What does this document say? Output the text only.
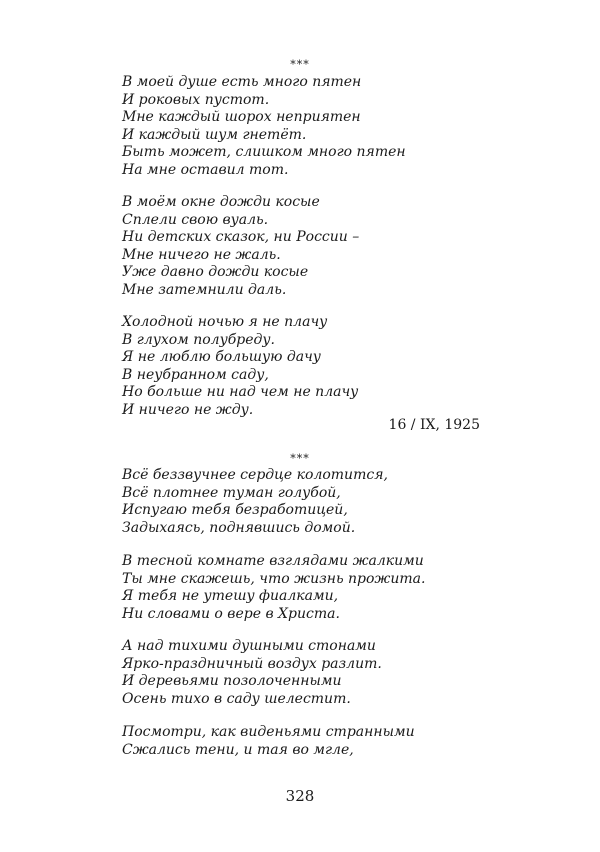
***
В моей душе есть много пятен
И роковых пустот.
Мне каждый шорох неприятен
И каждый шум гнетёт.
Быть может, слишком много пятен
На мне оставил тот.
В моём окне дожди косые
Сплели свою вуаль.
Ни детских сказок, ни России –
Мне ничего не жаль.
Уже давно дожди косые
Мне затемнили даль.
Холодной ночью я не плачу
В глухом полубреду.
Я не люблю большую дачу
В неубранном саду,
Но больше ни над чем не плачу
И ничего не жду.
16 / IX, 1925
***
Всё беззвучнее сердце колотится,
Всё плотнее туман голубой,
Испугаю тебя безработицей,
Задыхаясь, поднявшись домой.
В тесной комнате взглядами жалкими
Ты мне скажешь, что жизнь прожита.
Я тебя не утешу фиалками,
Ни словами о вере в Христа.
А над тихими душными стонами
Ярко-праздничный воздух разлит.
И деревьями позолоченными
Осень тихо в саду шелестит.
Посмотри, как виденьями странными
Сжались тени, и тая во мгле,
328
